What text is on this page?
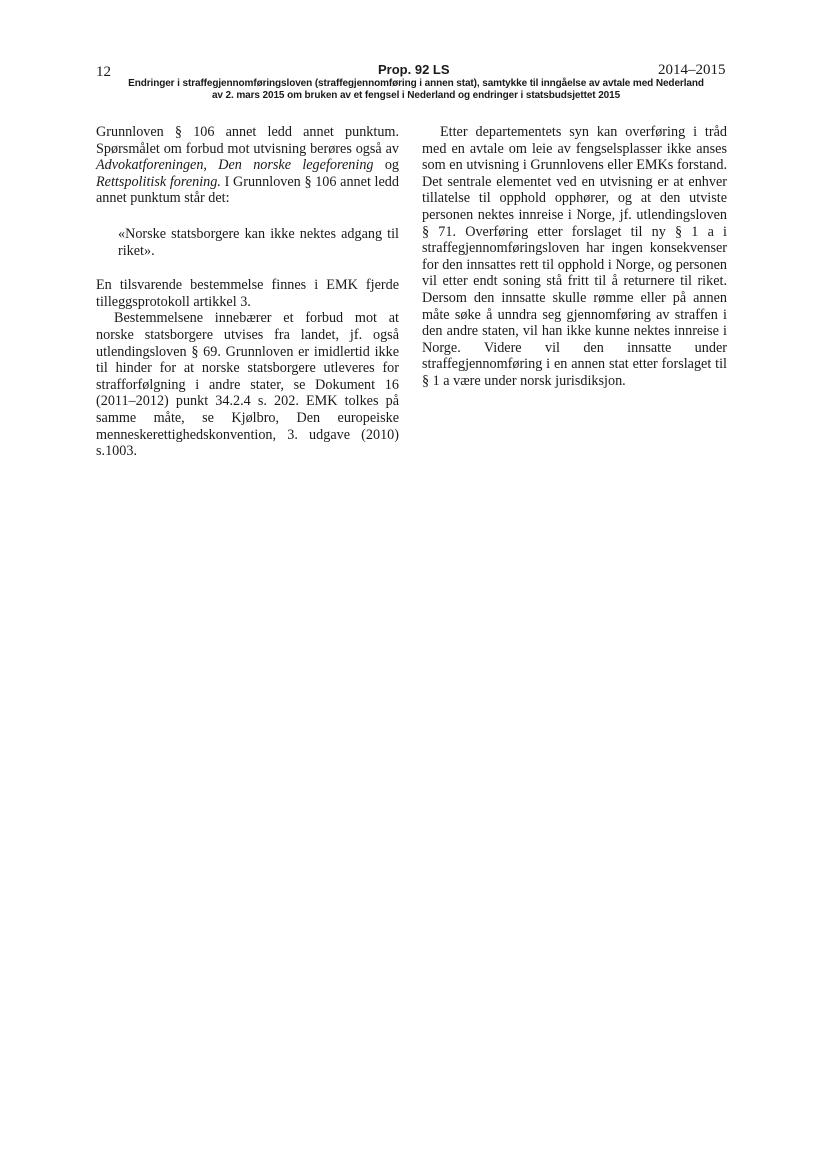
12	Prop. 92 LS	2014–2015
Endringer i straffegjennomføringsloven (straffegjennomføring i annen stat), samtykke til inngåelse av avtale med Nederland
av 2. mars 2015 om bruken av et fengsel i Nederland og endringer i statsbudsjettet 2015

Grunnloven § 106 annet ledd annet punktum. Spørsmålet om forbud mot utvisning berøres også av Advokatforeningen, Den norske legeforening og Rettspolitisk forening. I Grunnloven § 106 annet ledd annet punktum står det:

«Norske statsborgere kan ikke nektes adgang til riket».

En tilsvarende bestemmelse finnes i EMK fjerde tilleggsprotokoll artikkel 3.

Bestemmelsene innebærer et forbud mot at norske statsborgere utvises fra landet, jf. også utlendingsloven § 69. Grunnloven er imidlertid ikke til hinder for at norske statsborgere utleveres for strafforfølgning i andre stater, se Dokument 16 (2011–2012) punkt 34.2.4 s. 202. EMK tolkes på samme måte, se Kjølbro, Den europeiske menneskerettighedskonvention, 3. udgave (2010) s.1003.

Etter departementets syn kan overføring i tråd med en avtale om leie av fengselsplasser ikke anses som en utvisning i Grunnlovens eller EMKs forstand. Det sentrale elementet ved en utvisning er at enhver tillatelse til opphold opphører, og at den utviste personen nektes innreise i Norge, jf. utlendingsloven § 71. Overføring etter forslaget til ny § 1 a i straffegjennomføringsloven har ingen konsekvenser for den innsattes rett til opphold i Norge, og personen vil etter endt soning stå fritt til å returnere til riket. Dersom den innsatte skulle rømme eller på annen måte søke å unndra seg gjennomføring av straffen i den andre staten, vil han ikke kunne nektes innreise i Norge. Videre vil den innsatte under straffegjennomføring i en annen stat etter forslaget til § 1 a være under norsk jurisdiksjon.
